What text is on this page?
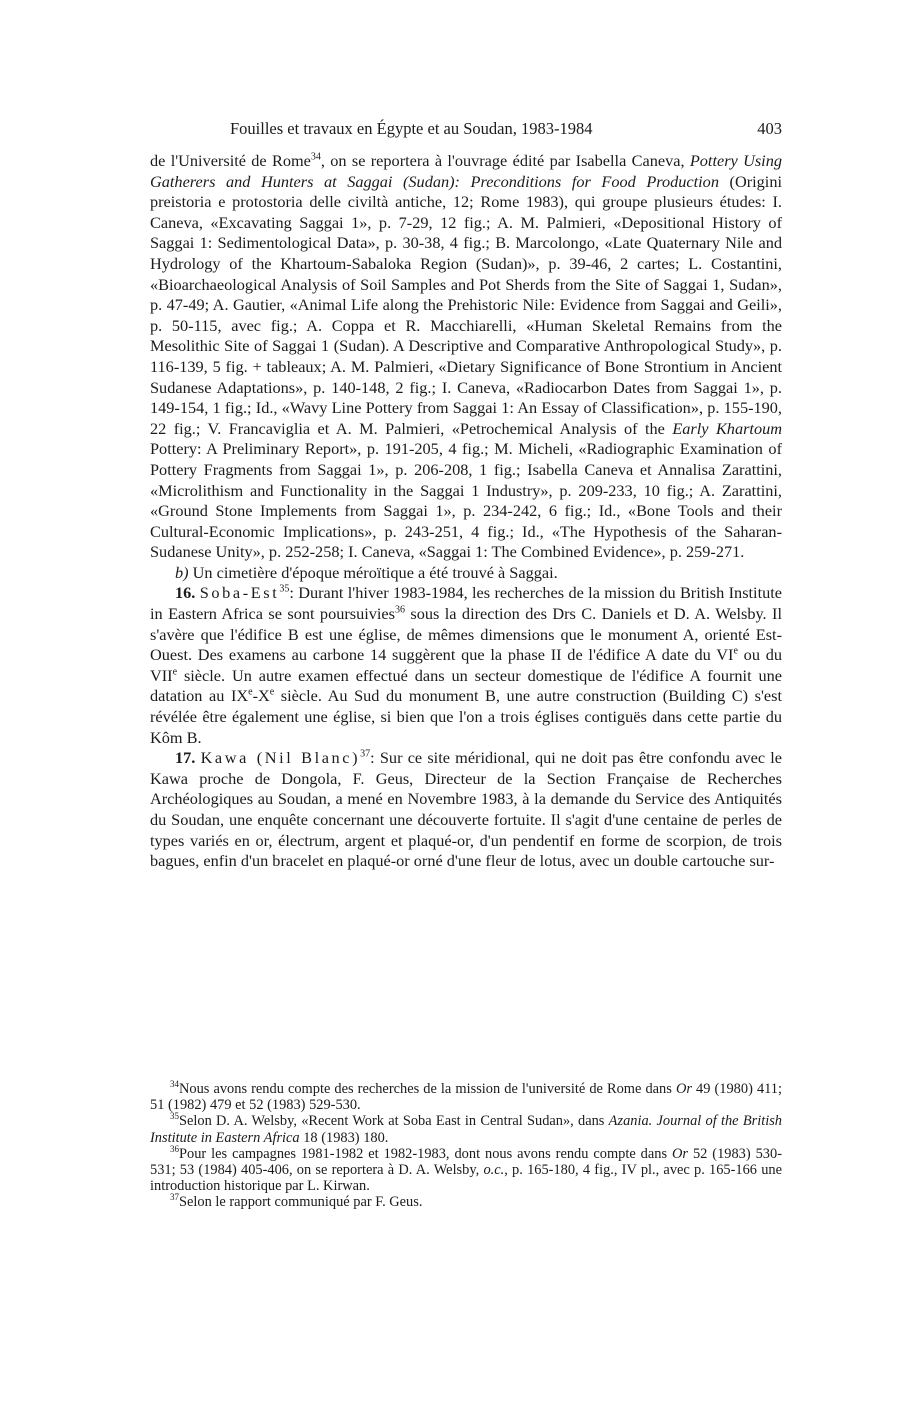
Fouilles et travaux en Égypte et au Soudan, 1983-1984	403

de l'Université de Rome$^{34}$, on se reportera à l'ouvrage édité par Isabella Caneva, Pottery Using Gatherers and Hunters at Saggai (Sudan): Preconditions for Food Production (Origini preistoria e protostoria delle civiltà antiche, 12; Rome 1983), qui groupe plusieurs études: I. Caneva, «Excavating Saggai 1», p. 7-29, 12 fig.; A. M. Palmieri, «Depositional History of Saggai 1: Sedimentological Data», p. 30-38, 4 fig.; B. Marcolongo, «Late Quaternary Nile and Hydrology of the Khartoum-Sabaloka Region (Sudan)», p. 39-46, 2 cartes; L. Costantini, «Bioarchaeological Analysis of Soil Samples and Pot Sherds from the Site of Saggai 1, Sudan», p. 47-49; A. Gautier, «Animal Life along the Prehistoric Nile: Evidence from Saggai and Geili», p. 50-115, avec fig.; A. Coppa et R. Macchiarelli, «Human Skeletal Remains from the Mesolithic Site of Saggai 1 (Sudan). A Descriptive and Comparative Anthropological Study», p. 116-139, 5 fig. + tableaux; A. M. Palmieri, «Dietary Significance of Bone Strontium in Ancient Sudanese Adaptations», p. 140-148, 2 fig.; I. Caneva, «Radiocarbon Dates from Saggai 1», p. 149-154, 1 fig.; Id., «Wavy Line Pottery from Saggai 1: An Essay of Classification», p. 155-190, 22 fig.; V. Francaviglia et A. M. Palmieri, «Petrochemical Analysis of the Early Khartoum Pottery: A Preliminary Report», p. 191-205, 4 fig.; M. Micheli, «Radiographic Examination of Pottery Fragments from Saggai 1», p. 206-208, 1 fig.; Isabella Caneva et Annalisa Zarattini, «Microlithism and Functionality in the Saggai 1 Industry», p. 209-233, 10 fig.; A. Zarattini, «Ground Stone Implements from Saggai 1», p. 234-242, 6 fig.; Id., «Bone Tools and their Cultural-Economic Implications», p. 243-251, 4 fig.; Id., «The Hypothesis of the Saharan-Sudanese Unity», p. 252-258; I. Caneva, «Saggai 1: The Combined Evidence», p. 259-271.

b) Un cimetière d'époque méroïtique a été trouvé à Saggai.

16. Soba-Est$^{35}$: Durant l'hiver 1983-1984, les recherches de la mission du British Institute in Eastern Africa se sont poursuivies$^{36}$ sous la direction des Drs C. Daniels et D. A. Welsby. Il s'avère que l'édifice B est une église, de mêmes dimensions que le monument A, orienté Est-Ouest. Des examens au carbone 14 suggèrent que la phase II de l'édifice A date du VIe ou du VIIe siècle. Un autre examen effectué dans un secteur domestique de l'édifice A fournit une datation au IXe-Xe siècle. Au Sud du monument B, une autre construction (Building C) s'est révélée être également une église, si bien que l'on a trois églises contiguës dans cette partie du Kôm B.

17. Kawa (Nil Blanc)$^{37}$: Sur ce site méridional, qui ne doit pas être confondu avec le Kawa proche de Dongola, F. Geus, Directeur de la Section Française de Recherches Archéologiques au Soudan, a mené en Novembre 1983, à la demande du Service des Antiquités du Soudan, une enquête concernant une découverte fortuite. Il s'agit d'une centaine de perles de types variés en or, électrum, argent et plaqué-or, d'un pendentif en forme de scorpion, de trois bagues, enfin d'un bracelet en plaqué-or orné d'une fleur de lotus, avec un double cartouche sur-

$^{34}$Nous avons rendu compte des recherches de la mission de l'université de Rome dans Or 49 (1980) 411; 51 (1982) 479 et 52 (1983) 529-530.

$^{35}$Selon D. A. Welsby, «Recent Work at Soba East in Central Sudan», dans Azania. Journal of the British Institute in Eastern Africa 18 (1983) 180.

$^{36}$Pour les campagnes 1981-1982 et 1982-1983, dont nous avons rendu compte dans Or 52 (1983) 530-531; 53 (1984) 405-406, on se reportera à D. A. Welsby, o.c., p. 165-180, 4 fig., IV pl., avec p. 165-166 une introduction historique par L. Kirwan.

$^{37}$Selon le rapport communiqué par F. Geus.
